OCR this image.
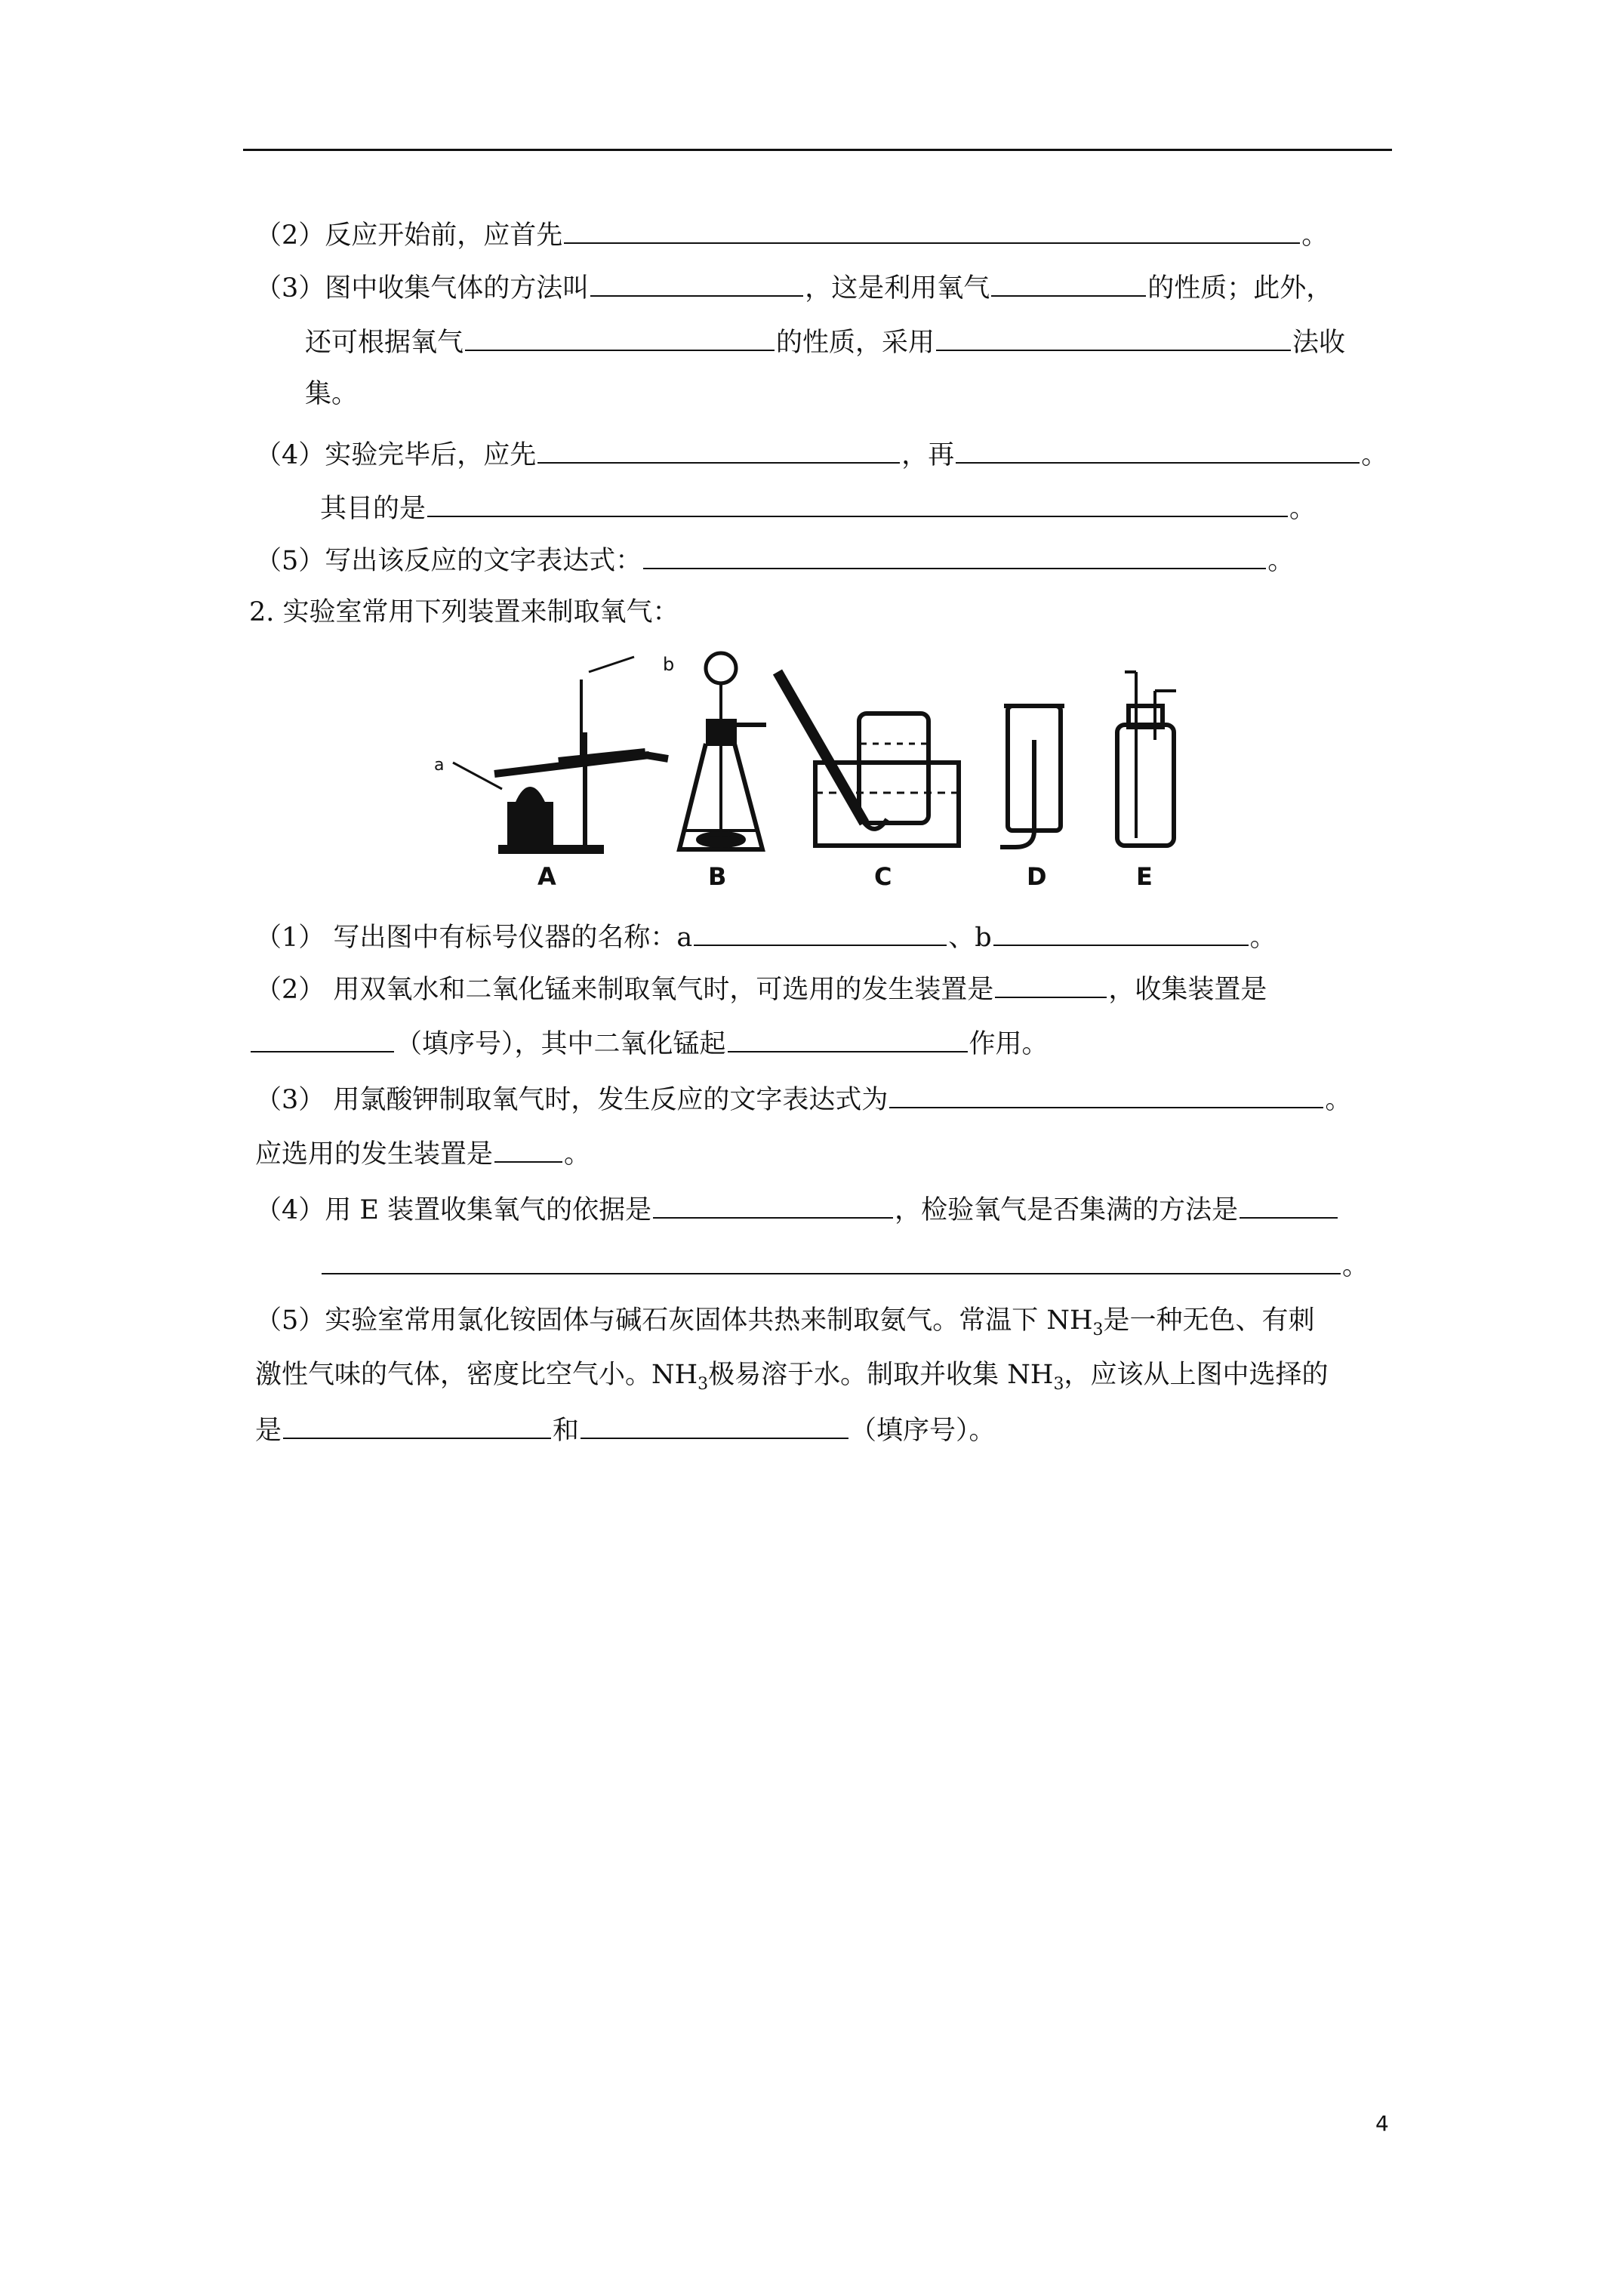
（2）反应开始前，应首先	。
（3）图中收集气体的方法叫	，这是利用氧气	的性质；此外，
还可根据氧气	的性质，采用	法收
集。
（4）实验完毕后，应先	，再	。
其目的是	。
（5）写出该反应的文字表达式：	。
2. 实验室常用下列装置来制取氧气：
a
b
A	B	C	D	E
（1） 写出图中有标号仪器的名称：a	、b	。
（2） 用双氧水和二氧化锰来制取氧气时，可选用的发生装置是	，收集装置是
（填序号），其中二氧化锰起	作用。
（3） 用氯酸钾制取氧气时，发生反应的文字表达式为	。
应选用的发生装置是	。
（4）用 E 装置收集氧气的依据是	，检验氧气是否集满的方法是
。
（5）实验室常用氯化铵固体与碱石灰固体共热来制取氨气。常温下 $NH_3$是一种无色、有刺
激性气味的气体，密度比空气小。$NH_3$极易溶于水。制取并收集 $NH_3$，应该从上图中选择的
是	和	（填序号）。
4
